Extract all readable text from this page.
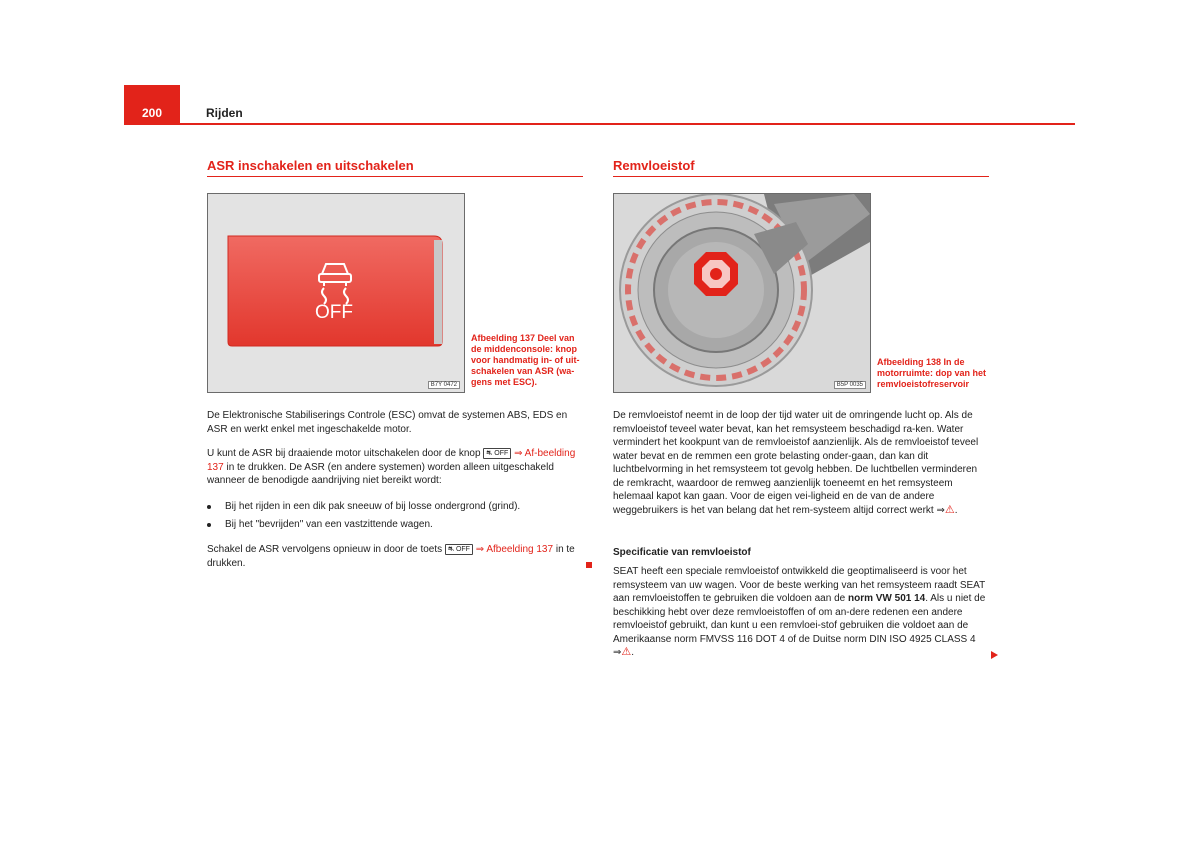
200	Rijden
ASR inschakelen en uitschakelen
OFF
B7Y 0472
Afbeelding 137 Deel van
de middenconsole: knop
voor handmatig in- of uit-
schakelen van ASR (wa-
gens met ESC).
De Elektronische Stabiliserings Controle (ESC) omvat de systemen ABS, EDS en ASR en werkt enkel met ingeschakelde motor.
U kunt de ASR bij draaiende motor uitschakelen door de knop ⛐ OFF ⇒ Af-beelding 137 in te drukken. De ASR (en andere systemen) worden alleen uitgeschakeld wanneer de benodigde aandrijving niet bereikt wordt:
Bij het rijden in een dik pak sneeuw of bij losse ondergrond (grind).
Bij het "bevrijden" van een vastzittende wagen.
Schakel de ASR vervolgens opnieuw in door de toets ⛐ OFF ⇒ Afbeelding 137 in te drukken.
Remvloeistof
B5P 0035
Afbeelding 138 In de
motorruimte: dop van het
remvloeistofreservoir
De remvloeistof neemt in de loop der tijd water uit de omringende lucht op. Als de remvloeistof teveel water bevat, kan het remsysteem beschadigd ra-ken. Water vermindert het kookpunt van de remvloeistof aanzienlijk. Als de remvloeistof teveel water bevat en de remmen een grote belasting onder-gaan, dan kan dit luchtbelvorming in het remsysteem tot gevolg hebben. De luchtbellen verminderen de remkracht, waardoor de remweg aanzienlijk toeneemt en het remsysteem helemaal kapot kan gaan. Voor de eigen vei-ligheid en de van de andere weggebruikers is het van belang dat het rem-systeem altijd correct werkt ⇒⚠.
Specificatie van remvloeistof
SEAT heeft een speciale remvloeistof ontwikkeld die geoptimaliseerd is voor het remsysteem van uw wagen. Voor de beste werking van het remsysteem raadt SEAT aan remvloeistoffen te gebruiken die voldoen aan de norm VW 501 14. Als u niet de beschikking hebt over deze remvloeistoffen of om an-dere redenen een andere remvloeistof gebruikt, dan kunt u een remvloei-stof gebruiken die voldoet aan de Amerikaanse norm FMVSS 116 DOT 4 of de Duitse norm DIN ISO 4925 CLASS 4 ⇒⚠.
